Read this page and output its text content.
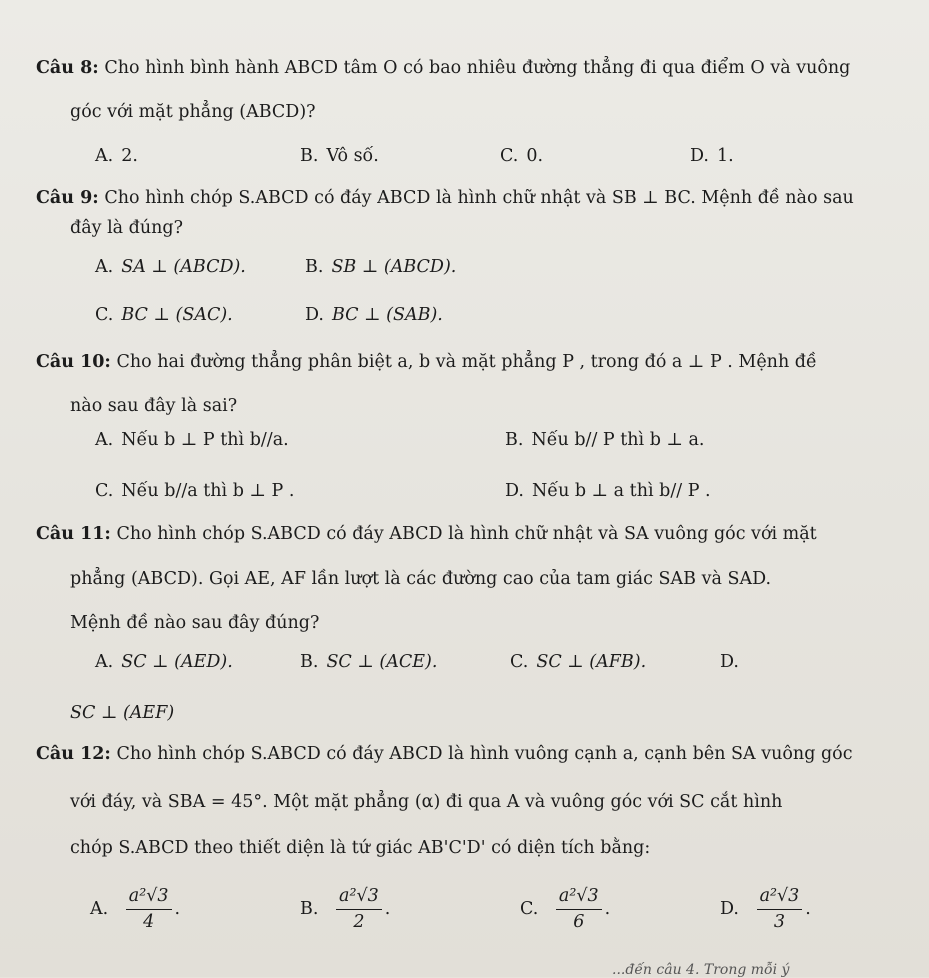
Câu 8: Cho hình bình hành ABCD tâm O có bao nhiêu đường thẳng đi qua điểm O và vuông
góc với mặt phẳng (ABCD)?
A. 2.	B. Vô số.	C. 0.	D. 1.
Câu 9: Cho hình chóp S.ABCD có đáy ABCD là hình chữ nhật và SB ⊥ BC. Mệnh đề nào sau
đây là đúng?
A. SA ⊥ (ABCD).	B. SB ⊥ (ABCD).
C. BC ⊥ (SAC).	D. BC ⊥ (SAB).
Câu 10: Cho hai đường thẳng phân biệt a, b và mặt phẳng P , trong đó a ⊥ P . Mệnh đề
nào sau đây là sai?
A. Nếu b ⊥ P thì b//a.	B. Nếu b// P thì b ⊥ a.
C. Nếu b//a thì b ⊥ P .	D. Nếu b ⊥ a thì b// P .
Câu 11: Cho hình chóp S.ABCD có đáy ABCD là hình chữ nhật và SA vuông góc với mặt
phẳng (ABCD). Gọi AE, AF lần lượt là các đường cao của tam giác SAB và SAD.
Mệnh đề nào sau đây đúng?
A. SC ⊥ (AED).	B. SC ⊥ (ACE).	C. SC ⊥ (AFB).	D.
SC ⊥ (AEF)
Câu 12: Cho hình chóp S.ABCD có đáy ABCD là hình vuông cạnh a, cạnh bên SA vuông góc
với đáy, và SBA = 45°. Một mặt phẳng (α) đi qua A và vuông góc với SC cắt hình
chóp S.ABCD theo thiết diện là tứ giác AB'C'D' có diện tích bằng:
A. $\frac{\text{a²√3}}{4}$ .	B. $\frac{\text{a²√3}}{2}$ .	C. $\frac{\text{a²√3}}{6}$ .	D. $\frac{\text{a²√3}}{3}$ .
...đến câu 4. Trong mỗi ý
